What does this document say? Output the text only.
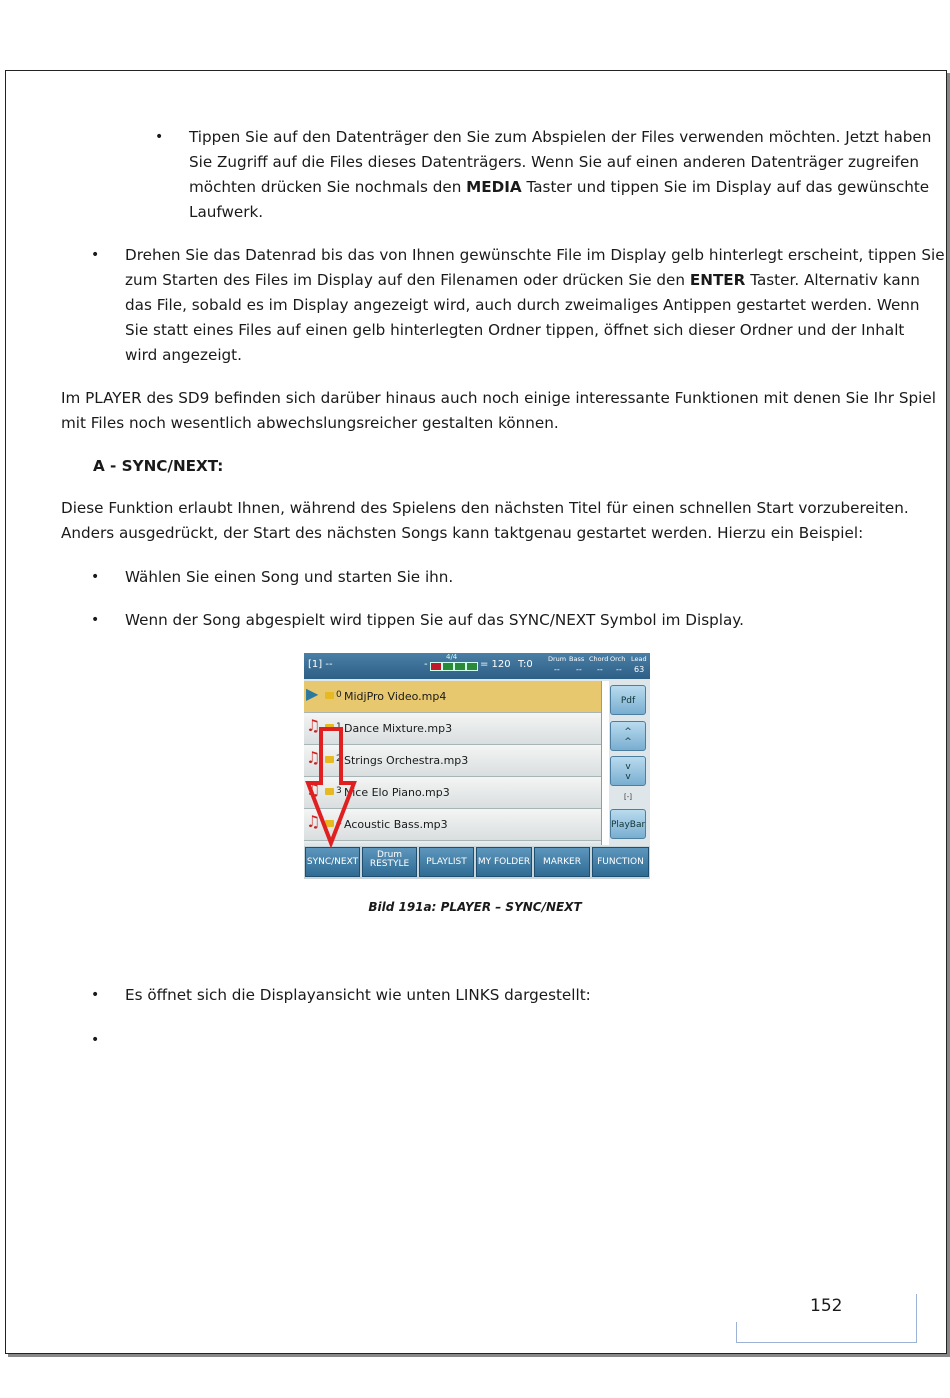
• Tippen Sie auf den Datenträger den Sie zum Abspielen der Files verwenden möchten. Jetzt haben
Sie Zugriff auf die Files dieses Datenträgers. Wenn Sie auf einen anderen Datenträger zugreifen
möchten drücken Sie nochmals den MEDIA Taster und tippen Sie im Display auf das gewünschte
Laufwerk.
• Drehen Sie das Datenrad bis das von Ihnen gewünschte File im Display gelb hinterlegt erscheint, tippen Sie
zum Starten des Files im Display auf den Filenamen oder drücken Sie den ENTER Taster. Alternativ kann
das File, sobald es im Display angezeigt wird, auch durch zweimaliges Antippen gestartet werden. Wenn
Sie statt eines Files auf einen gelb hinterlegten Ordner tippen, öffnet sich dieser Ordner und der Inhalt
wird angezeigt.
Im PLAYER des SD9 befinden sich darüber hinaus auch noch einige interessante Funktionen mit denen Sie Ihr Spiel
mit Files noch wesentlich abwechslungsreicher gestalten können.
A - SYNC/NEXT:
Diese Funktion erlaubt Ihnen, während des Spielens den nächsten Titel für einen schnellen Start vorzubereiten.
Anders ausgedrückt, der Start des nächsten Songs kann taktgenau gestartet werden. Hierzu ein Beispiel:
• Wählen Sie einen Song und starten Sie ihn.
• Wenn der Song abgespielt wird tippen Sie auf das SYNC/NEXT Symbol im Display.
[1] --	-
4/4
= 120 T:0 Drum Bass Chord Orch Lead
-- -- -- -- 63
▶	0 MidjPro Video.mp4
♫ 1 Dance Mixture.mp3
♫ 2 Strings Orchestra.mp3
♫ 3 Nice Elo Piano.mp3
♫ 4 Acoustic Bass.mp3
Pdf
^
^
v
v
[-]
PlayBar
SYNC/NEXT
Drum
RESTYLE	PLAYLIST	MY FOLDER	MARKER	FUNCTION
Bild 191a: PLAYER – SYNC/NEXT
• Es öffnet sich die Displayansicht wie unten LINKS dargestellt:
•
152
